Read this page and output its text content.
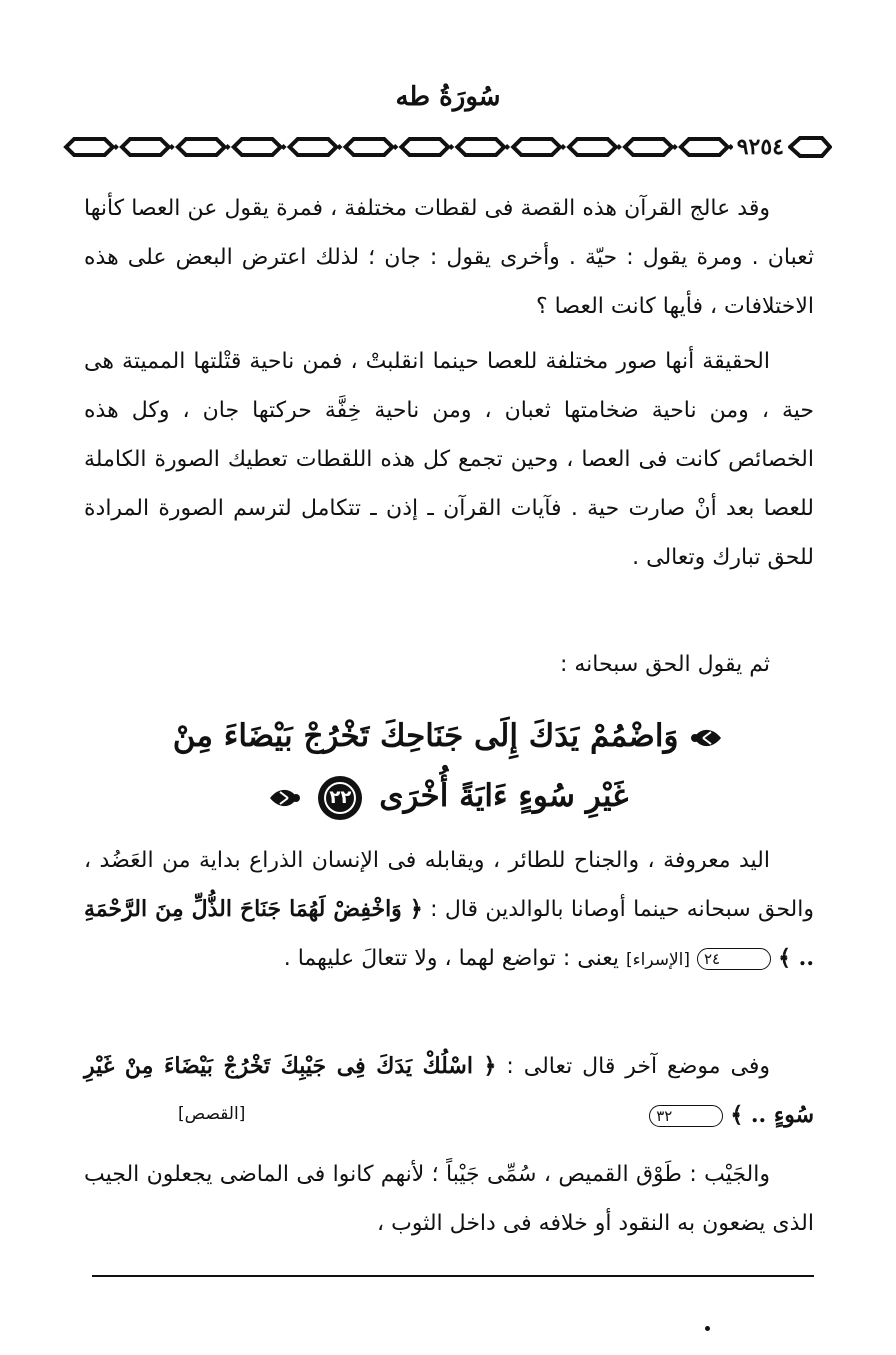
سُورَةُ طه
٩٢٥٤

وقد عالج القرآن هذه القصة فى لقطات مختلفة ، فمرة يقول عن العصا كأنها ثعبان . ومرة يقول : حيّة . وأخرى يقول : جان ؛ لذلك اعترض البعض على هذه الاختلافات ، فأيها كانت العصا ؟

الحقيقة أنها صور مختلفة للعصا حينما انقلبتْ ، فمن ناحية قتْلتها المميتة هى حية ، ومن ناحية ضخامتها ثعبان ، ومن ناحية خِفَّة حركتها جان ، وكل هذه الخصائص كانت فى العصا ، وحين تجمع كل هذه اللقطات تعطيك الصورة الكاملة للعصا بعد أنْ صارت حية . فآيات القرآن ـ إذن ـ تتكامل لترسم الصورة المرادة للحق تبارك وتعالى .

ثم يقول الحق سبحانه :

وَاضْمُمْ يَدَكَ إِلَى جَنَاحِكَ تَخْرُجْ بَيْضَاءَ مِنْ
غَيْرِ سُوءٍ ءَايَةً أُخْرَى ٢٢

اليد معروفة ، والجناح للطائر ، ويقابله فى الإنسان الذراع بداية من العَضُد ، والحق سبحانه حينما أوصانا بالوالدين قال : ﴿ وَاخْفِضْ لَهُمَا جَنَاحَ الذُّلِّ مِنَ الرَّحْمَةِ .. ﴾ ٢٤ [الإسراء] يعنى : تواضع لهما ، ولا تتعالَ عليهما .

وفى موضع آخر قال تعالى : ﴿ اسْلُكْ يَدَكَ فِى جَيْبِكَ تَخْرُجْ بَيْضَاءَ مِنْ غَيْرِ سُوءٍ .. ﴾ ٣٢

[القصص]

والجَيْب : طَوْق القميص ، سُمِّى جَيْباً ؛ لأنهم كانوا فى الماضى يجعلون الجيب الذى يضعون به النقود أو خلافه فى داخل الثوب ،
